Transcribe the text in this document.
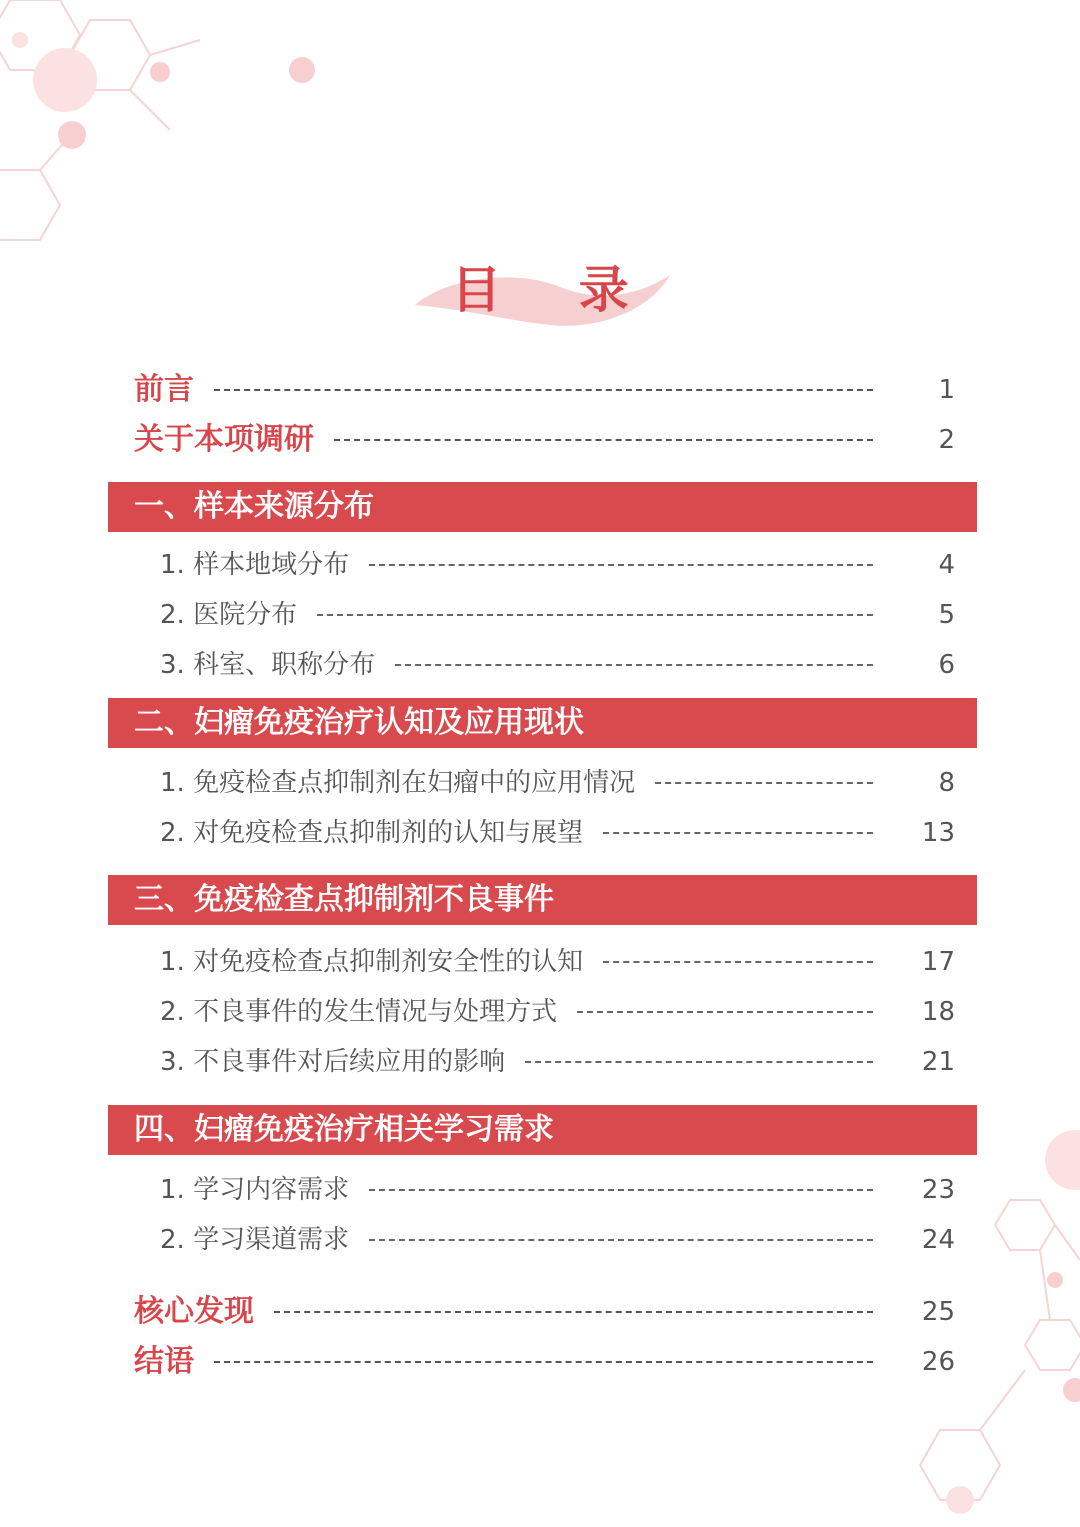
目 录
前言	1
关于本项调研	2
一、样本来源分布
1. 样本地域分布	4
2. 医院分布	5
3. 科室、职称分布	6
二、妇瘤免疫治疗认知及应用现状
1. 免疫检查点抑制剂在妇瘤中的应用情况	8
2. 对免疫检查点抑制剂的认知与展望	13
三、免疫检查点抑制剂不良事件
1. 对免疫检查点抑制剂安全性的认知	17
2. 不良事件的发生情况与处理方式	18
3. 不良事件对后续应用的影响	21
四、妇瘤免疫治疗相关学习需求
1. 学习内容需求	23
2. 学习渠道需求	24
核心发现	25
结语	26
